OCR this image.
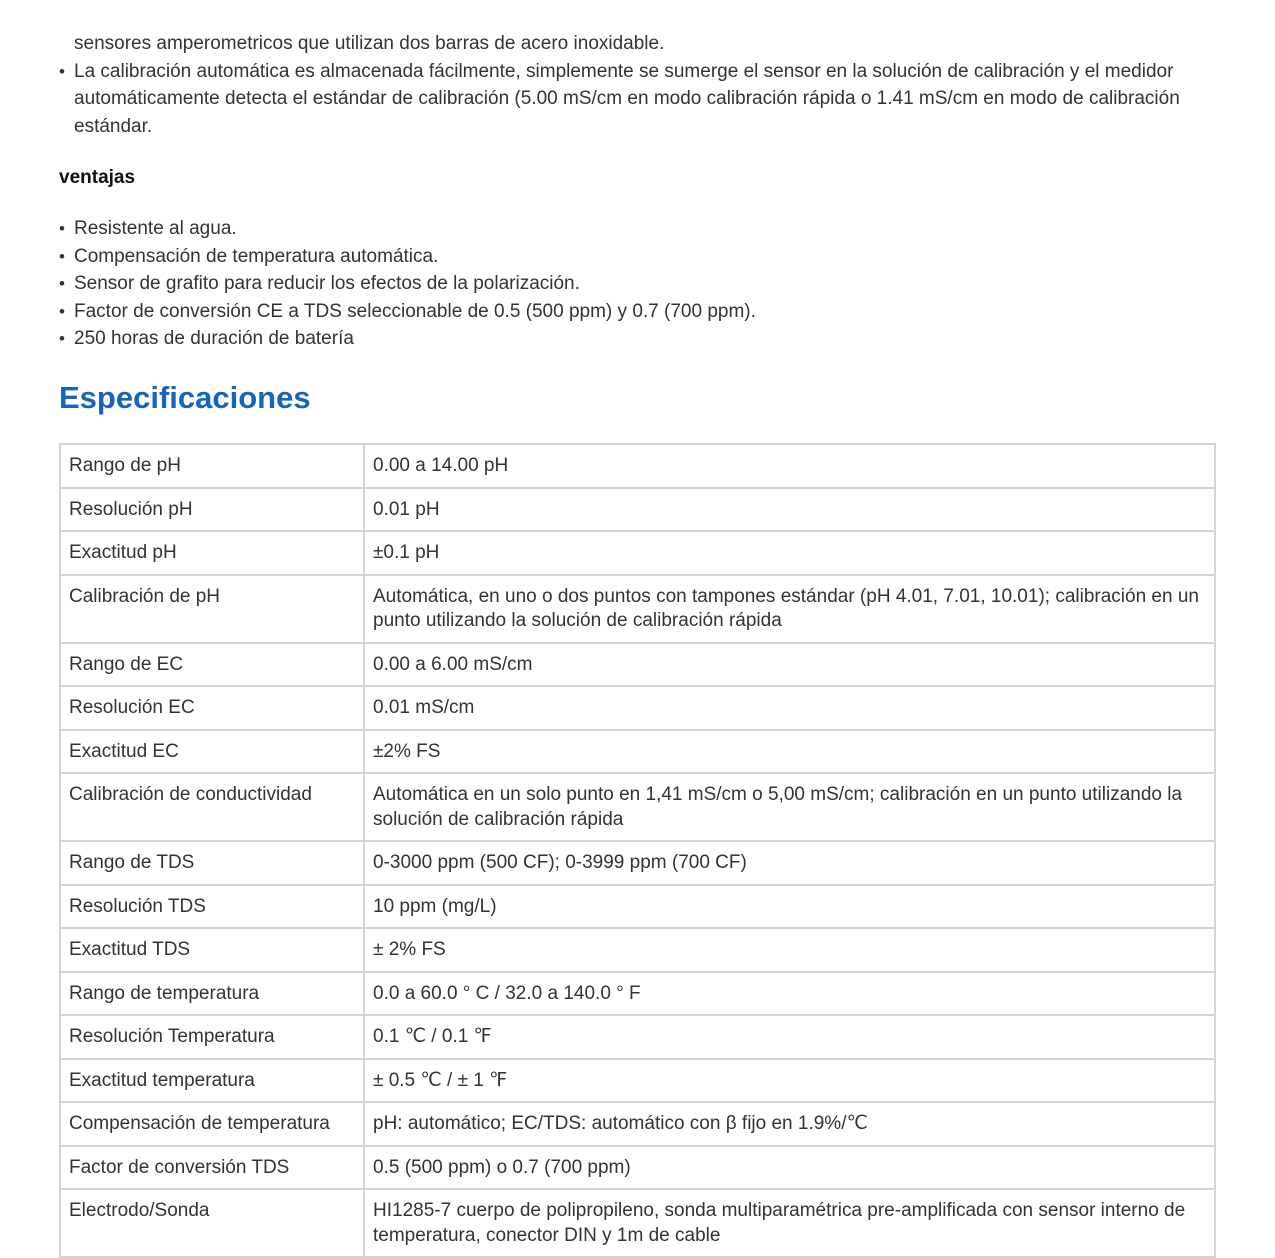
sensores amperometricos que utilizan dos barras de acero inoxidable.
• La calibración automática es almacenada fácilmente, simplemente se sumerge el sensor en la solución de calibración y el medidor automáticamente detecta el estándar de calibración (5.00 mS/cm en modo calibración rápida o 1.41 mS/cm en modo de calibración estándar.
ventajas
• Resistente al agua.
• Compensación de temperatura automática.
• Sensor de grafito para reducir los efectos de la polarización.
• Factor de conversión CE a TDS seleccionable de 0.5 (500 ppm) y 0.7 (700 ppm).
• 250 horas de duración de batería
Especificaciones
Rango de pH	0.00 a 14.00 pH
Resolución pH	0.01 pH
Exactitud pH	±0.1 pH
Calibración de pH	Automática, en uno o dos puntos con tampones estándar (pH 4.01, 7.01, 10.01); calibración en un punto utilizando la solución de calibración rápida
Rango de EC	0.00 a 6.00 mS/cm
Resolución EC	0.01 mS/cm
Exactitud EC	±2% FS
Calibración de conductividad	Automática en un solo punto en 1,41 mS/cm o 5,00 mS/cm; calibración en un punto utilizando la solución de calibración rápida
Rango de TDS	0-3000 ppm (500 CF); 0-3999 ppm (700 CF)
Resolución TDS	10 ppm (mg/L)
Exactitud TDS	± 2% FS
Rango de temperatura	0.0 a 60.0 ° C / 32.0 a 140.0 ° F
Resolución Temperatura	0.1 ℃ / 0.1 ℉
Exactitud temperatura	± 0.5 ℃ / ± 1 ℉
Compensación de temperatura	pH: automático; EC/TDS: automático con β fijo en 1.9%/℃
Factor de conversión TDS	0.5 (500 ppm) o 0.7 (700 ppm)
Electrodo/Sonda	HI1285-7 cuerpo de polipropileno, sonda multiparamétrica pre-amplificada con sensor interno de temperatura, conector DIN y 1m de cable
